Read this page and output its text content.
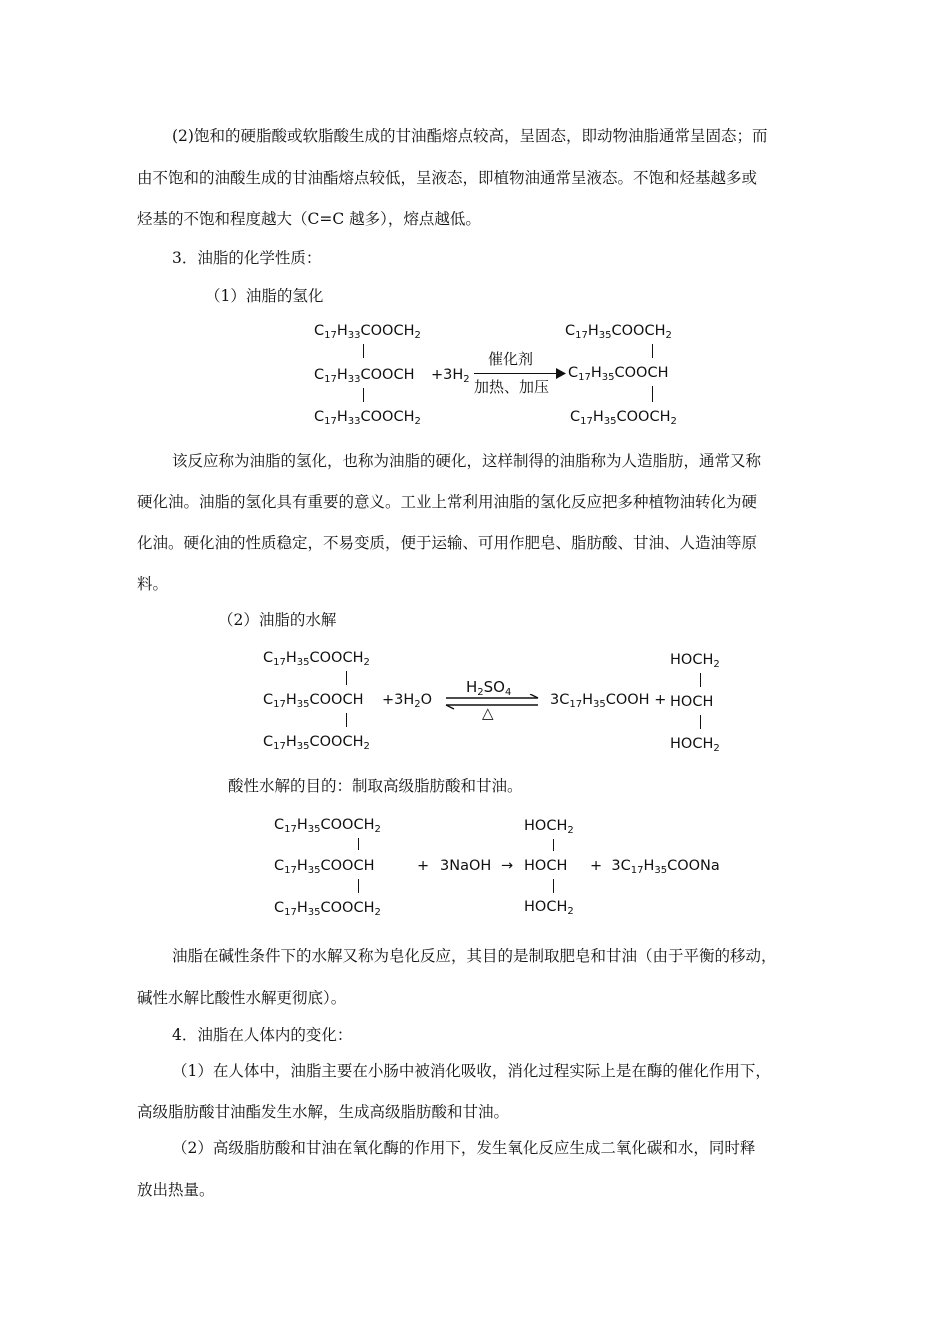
(2)饱和的硬脂酸或软脂酸生成的甘油酯熔点较高，呈固态，即动物油脂通常呈固态；而
由不饱和的油酸生成的甘油酯熔点较低，呈液态，即植物油通常呈液态。不饱和烃基越多或
烃基的不饱和程度越大（C=C 越多），熔点越低。
3．油脂的化学性质：
（1）油脂的氢化
$C_{17}H_{33}COOCH_2$
$C_{17}H_{33}COOCH$
$C_{17}H_{33}COOCH_2$
$+3H_2$
催化剂
加热、加压
$C_{17}H_{35}COOCH_2$
$C_{17}H_{35}COOCH$
$C_{17}H_{35}COOCH_2$
该反应称为油脂的氢化，也称为油脂的硬化，这样制得的油脂称为人造脂肪，通常又称
硬化油。油脂的氢化具有重要的意义。工业上常利用油脂的氢化反应把多种植物油转化为硬
化油。硬化油的性质稳定，不易变质，便于运输、可用作肥皂、脂肪酸、甘油、人造油等原
料。
（2）油脂的水解
$C_{17}H_{35}COOCH_2$
$C_{17}H_{35}COOCH$
$C_{17}H_{35}COOCH_2$
$+3H_2O$
$H_2SO_4$
△
$3C_{17}H_{35}COOH$ +
$HOCH_2$
HOCH
$HOCH_2$
酸性水解的目的：制取高级脂肪酸和甘油。
$C_{17}H_{35}COOCH_2$
$C_{17}H_{35}COOCH$
$C_{17}H_{35}COOCH_2$
+ 3NaOH →
$HOCH_2$
HOCH
$HOCH_2$
+ $3C_{17}H_{35}COONa$
油脂在碱性条件下的水解又称为皂化反应，其目的是制取肥皂和甘油（由于平衡的移动，
碱性水解比酸性水解更彻底）。
4．油脂在人体内的变化：
（1）在人体中，油脂主要在小肠中被消化吸收，消化过程实际上是在酶的催化作用下，
高级脂肪酸甘油酯发生水解，生成高级脂肪酸和甘油。
（2）高级脂肪酸和甘油在氧化酶的作用下，发生氧化反应生成二氧化碳和水，同时释
放出热量。
